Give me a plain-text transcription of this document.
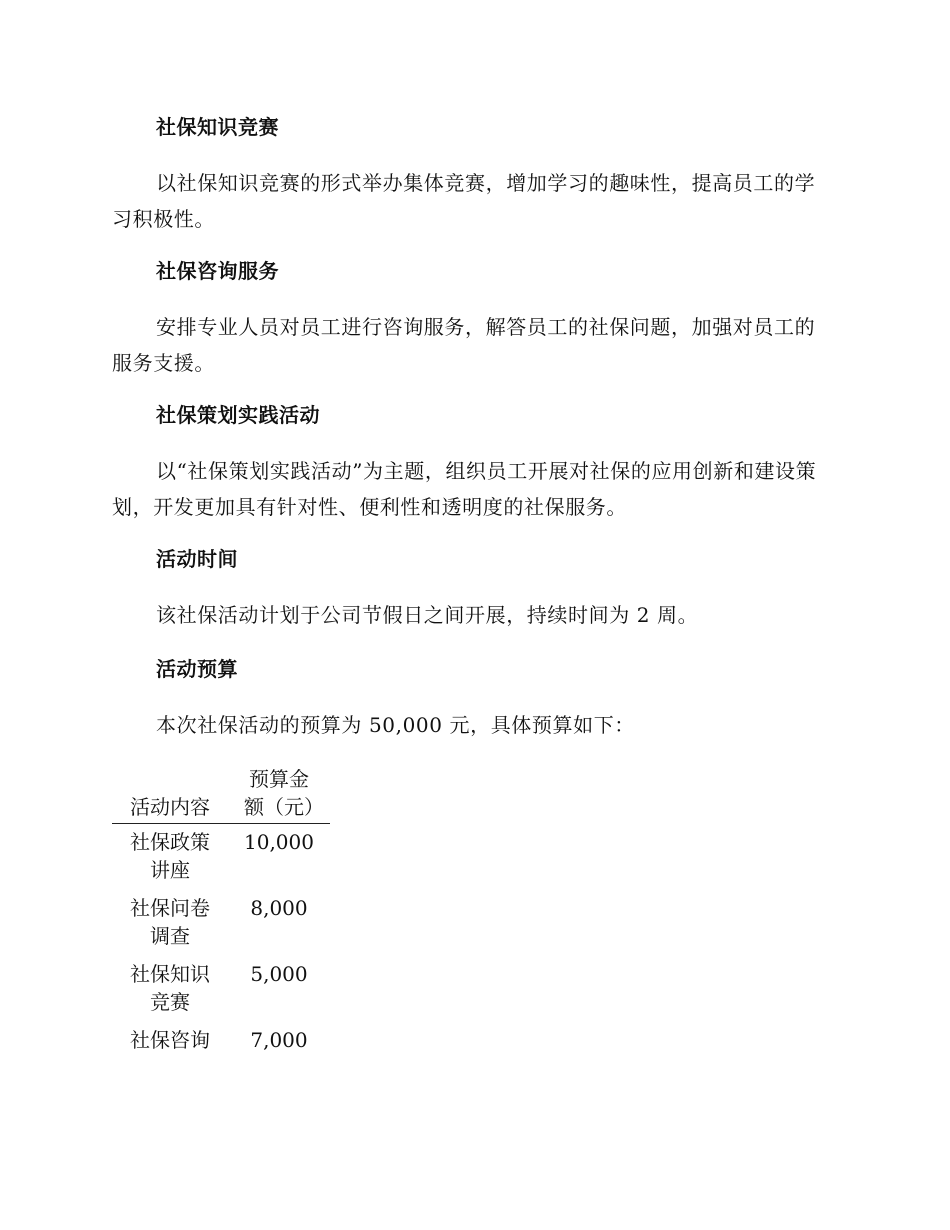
社保知识竞赛

以社保知识竞赛的形式举办集体竞赛，增加学习的趣味性，提高员工的学习积极性。

社保咨询服务

安排专业人员对员工进行咨询服务，解答员工的社保问题，加强对员工的服务支援。

社保策划实践活动

以“社保策划实践活动”为主题，组织员工开展对社保的应用创新和建设策划，开发更加具有针对性、便利性和透明度的社保服务。

活动时间

该社保活动计划于公司节假日之间开展，持续时间为 2 周。

活动预算

本次社保活动的预算为 50,000 元，具体预算如下：

活动内容	预算金额（元）
社保政策讲座	10,000
社保问卷调查	8,000
社保知识竞赛	5,000
社保咨询	7,000
